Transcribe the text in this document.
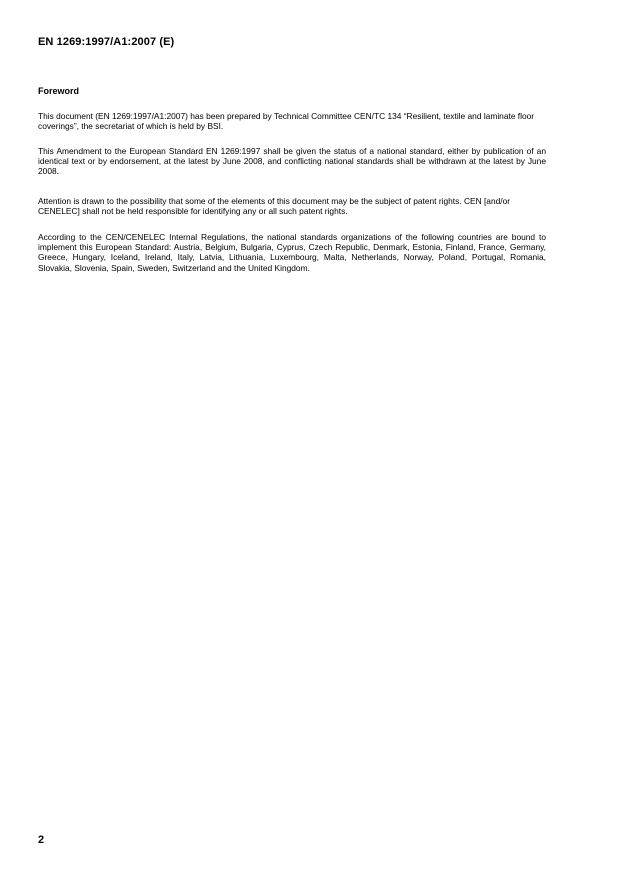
EN 1269:1997/A1:2007 (E)
Foreword

This document (EN 1269:1997/A1:2007) has been prepared by Technical Committee CEN/TC 134 “Resilient, textile and laminate floor coverings”, the secretariat of which is held by BSI.

This Amendment to the European Standard EN 1269:1997 shall be given the status of a national standard, either by publication of an identical text or by endorsement, at the latest by June 2008, and conflicting national standards shall be withdrawn at the latest by June 2008.

Attention is drawn to the possibility that some of the elements of this document may be the subject of patent rights. CEN [and/or CENELEC] shall not be held responsible for identifying any or all such patent rights.

According to the CEN/CENELEC Internal Regulations, the national standards organizations of the following countries are bound to implement this European Standard: Austria, Belgium, Bulgaria, Cyprus, Czech Republic, Denmark, Estonia, Finland, France, Germany, Greece, Hungary, Iceland, Ireland, Italy, Latvia, Lithuania, Luxembourg, Malta, Netherlands, Norway, Poland, Portugal, Romania, Slovakia, Slovenia, Spain, Sweden, Switzerland and the United Kingdom.

2
